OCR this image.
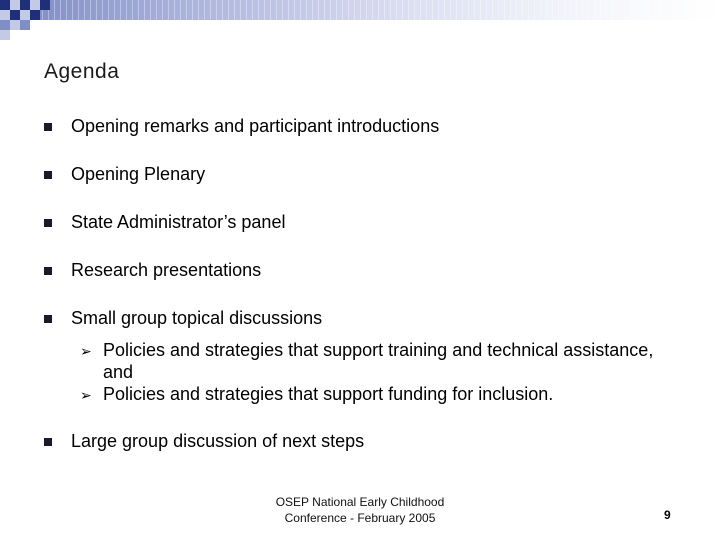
Agenda
Opening remarks and participant introductions
Opening Plenary
State Administrator’s panel
Research presentations
Small group topical discussions
➢ Policies and strategies that support training and technical assistance, and
➢ Policies and strategies that support funding for inclusion.
Large group discussion of next steps
OSEP National Early Childhood
Conference - February 2005	9
